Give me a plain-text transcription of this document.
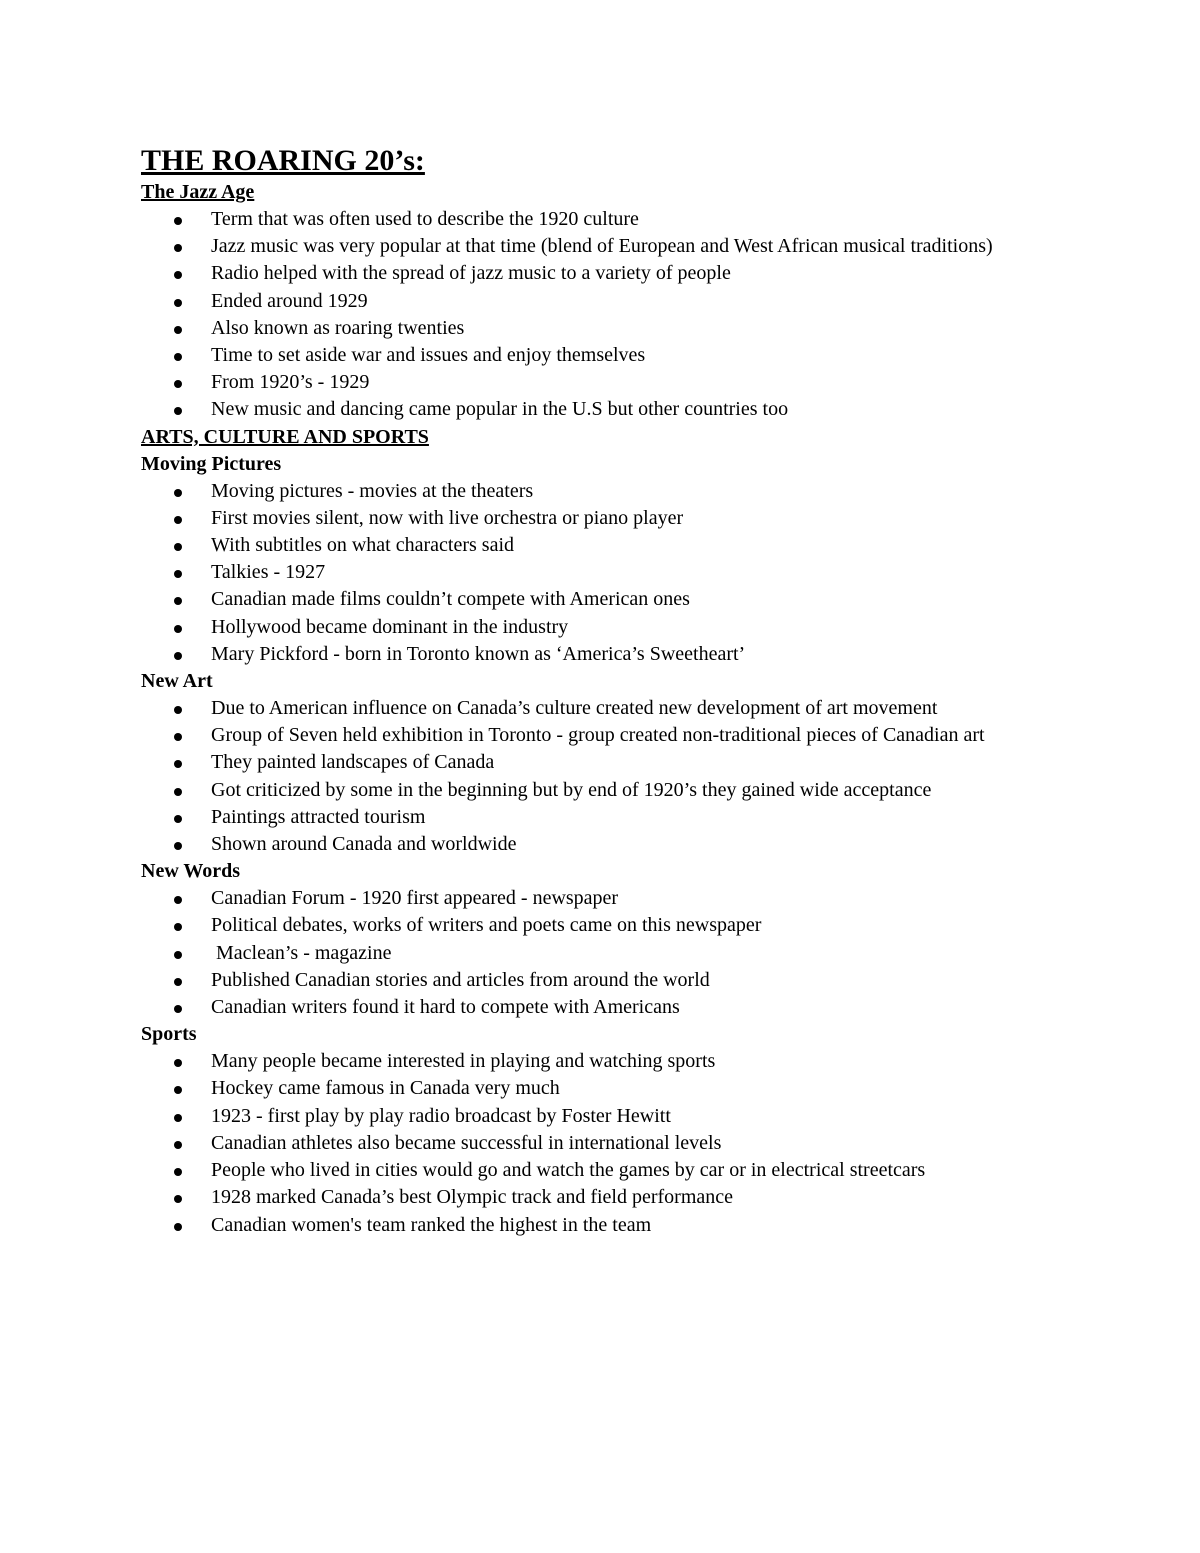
THE ROARING 20’s:
The Jazz Age
Term that was often used to describe the 1920 culture
Jazz music was very popular at that time (blend of European and West African musical traditions)
Radio helped with the spread of jazz music to a variety of people
Ended around 1929
Also known as roaring twenties
Time to set aside war and issues and enjoy themselves
From 1920’s - 1929
New music and dancing came popular in the U.S but other countries too
ARTS, CULTURE AND SPORTS
Moving Pictures
Moving pictures - movies at the theaters
First movies silent, now with live orchestra or piano player
With subtitles on what characters said
Talkies - 1927
Canadian made films couldn’t compete with American ones
Hollywood became dominant in the industry
Mary Pickford - born in Toronto known as ‘America’s Sweetheart’
New Art
Due to American influence on Canada’s culture created new development of art movement
Group of Seven held exhibition in Toronto - group created non-traditional pieces of Canadian art
They painted landscapes of Canada
Got criticized by some in the beginning but by end of 1920’s they gained wide acceptance
Paintings attracted tourism
Shown around Canada and worldwide
New Words
Canadian Forum - 1920 first appeared - newspaper
Political debates, works of writers and poets came on this newspaper
Maclean’s - magazine
Published Canadian stories and articles from around the world
Canadian writers found it hard to compete with Americans
Sports
Many people became interested in playing and watching sports
Hockey came famous in Canada very much
1923 - first play by play radio broadcast by Foster Hewitt
Canadian athletes also became successful in international levels
People who lived in cities would go and watch the games by car or in electrical streetcars
1928 marked Canada’s best Olympic track and field performance
Canadian women's team ranked the highest in the team
